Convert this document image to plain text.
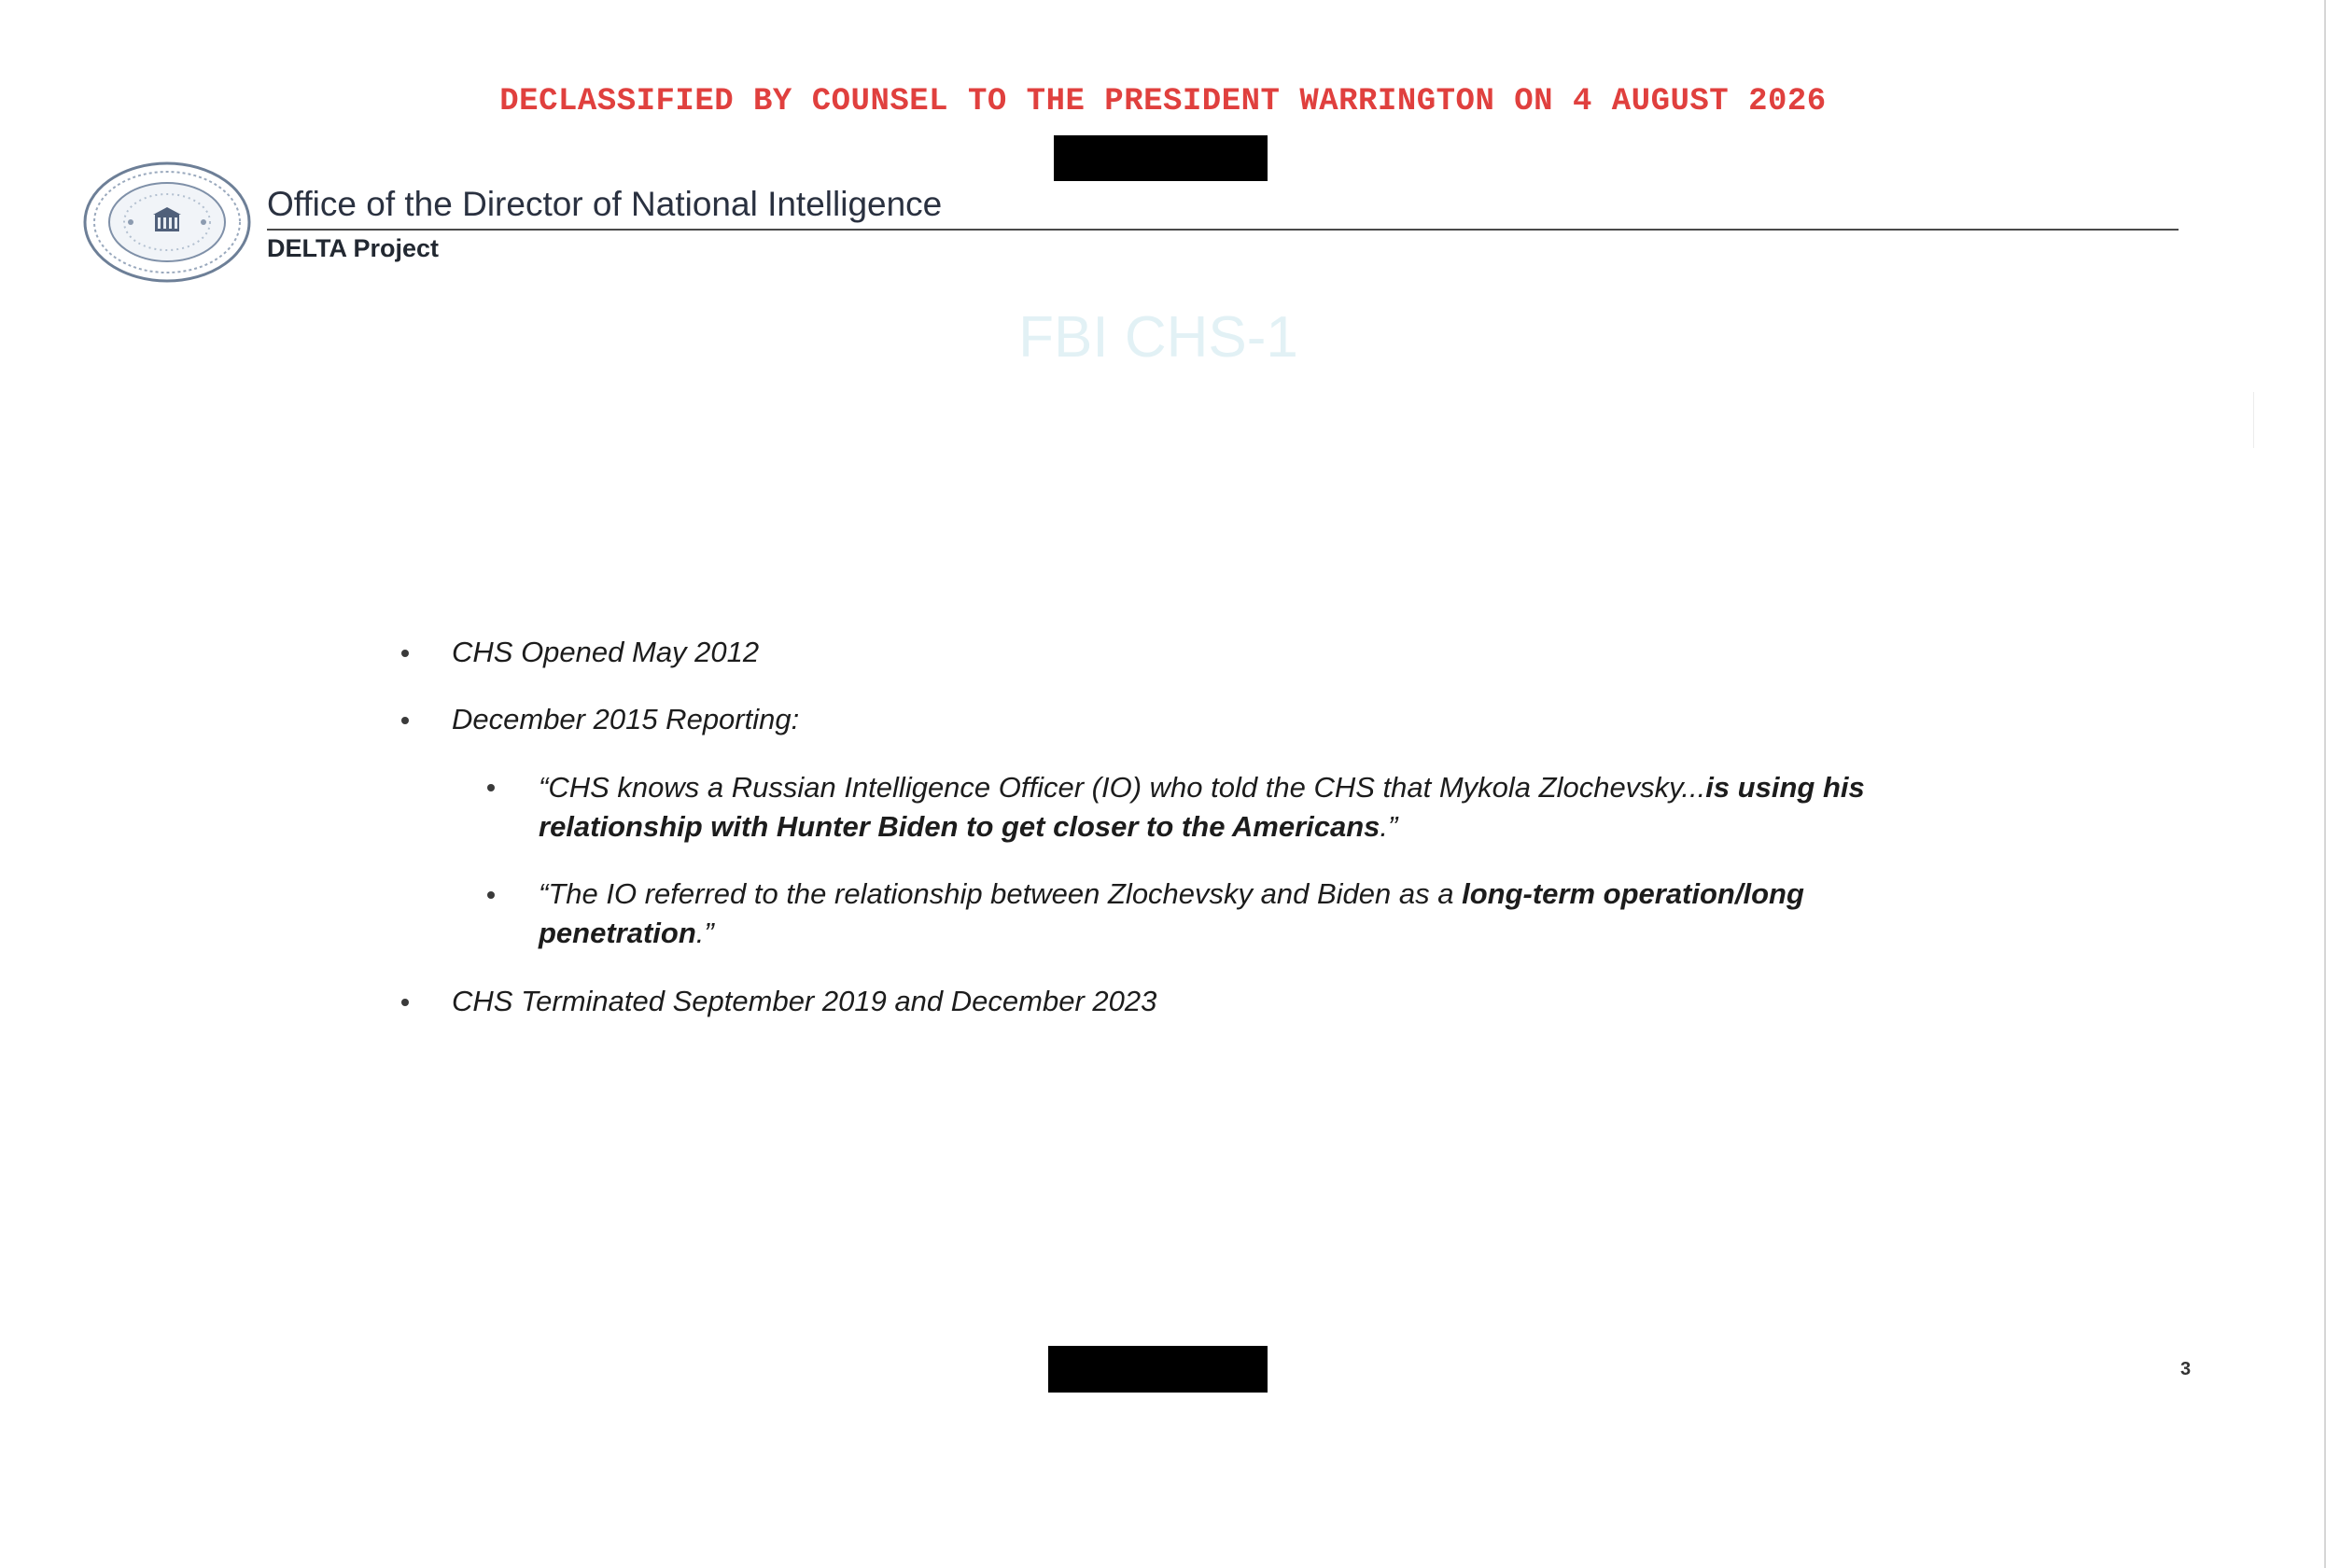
DECLASSIFIED BY COUNSEL TO THE PRESIDENT WARRINGTON ON 4 AUGUST 2026
Office of the Director of National Intelligence
DELTA Project
FBI CHS-1
CHS Opened May 2012
December 2015 Reporting:
“CHS knows a Russian Intelligence Officer (IO) who told the CHS that Mykola Zlochevsky...is using his relationship with Hunter Biden to get closer to the Americans.”
“The IO referred to the relationship between Zlochevsky and Biden as a long-term operation/long penetration.”
CHS Terminated September 2019 and December 2023
3
